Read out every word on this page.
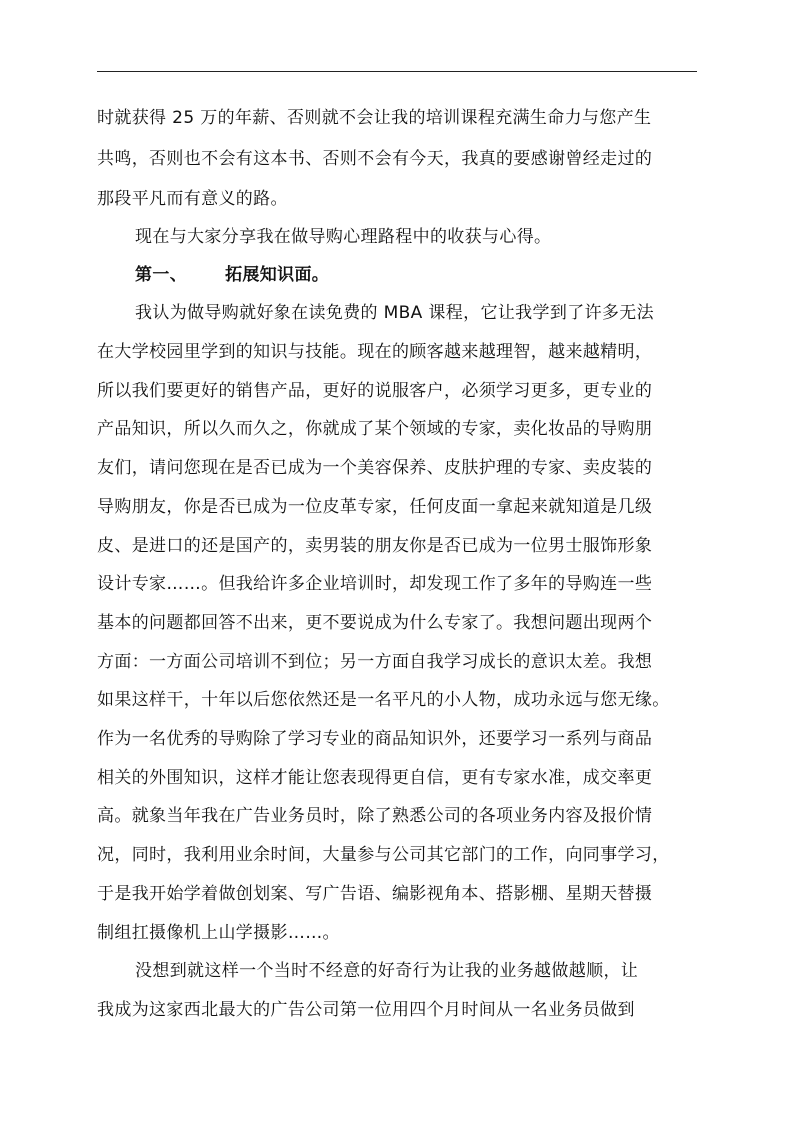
时就获得 25 万的年薪、否则就不会让我的培训课程充满生命力与您产生
共鸣，否则也不会有这本书、否则不会有今天，我真的要感谢曾经走过的
那段平凡而有意义的路。
现在与大家分享我在做导购心理路程中的收获与心得。
第一、 拓展知识面。
我认为做导购就好象在读免费的 MBA 课程，它让我学到了许多无法
在大学校园里学到的知识与技能。现在的顾客越来越理智，越来越精明，
所以我们要更好的销售产品，更好的说服客户，必须学习更多，更专业的
产品知识，所以久而久之，你就成了某个领域的专家，卖化妆品的导购朋
友们，请问您现在是否已成为一个美容保养、皮肤护理的专家、卖皮装的
导购朋友，你是否已成为一位皮革专家，任何皮面一拿起来就知道是几级
皮、是进口的还是国产的，卖男装的朋友你是否已成为一位男士服饰形象
设计专家……。但我给许多企业培训时，却发现工作了多年的导购连一些
基本的问题都回答不出来，更不要说成为什么专家了。我想问题出现两个
方面：一方面公司培训不到位；另一方面自我学习成长的意识太差。我想
如果这样干，十年以后您依然还是一名平凡的小人物，成功永远与您无缘。
作为一名优秀的导购除了学习专业的商品知识外，还要学习一系列与商品
相关的外围知识，这样才能让您表现得更自信，更有专家水准，成交率更
高。就象当年我在广告业务员时，除了熟悉公司的各项业务内容及报价情
况，同时，我利用业余时间，大量参与公司其它部门的工作，向同事学习，
于是我开始学着做创划案、写广告语、编影视角本、搭影棚、星期天替摄
制组扛摄像机上山学摄影……。
没想到就这样一个当时不经意的好奇行为让我的业务越做越顺，让
我成为这家西北最大的广告公司第一位用四个月时间从一名业务员做到
